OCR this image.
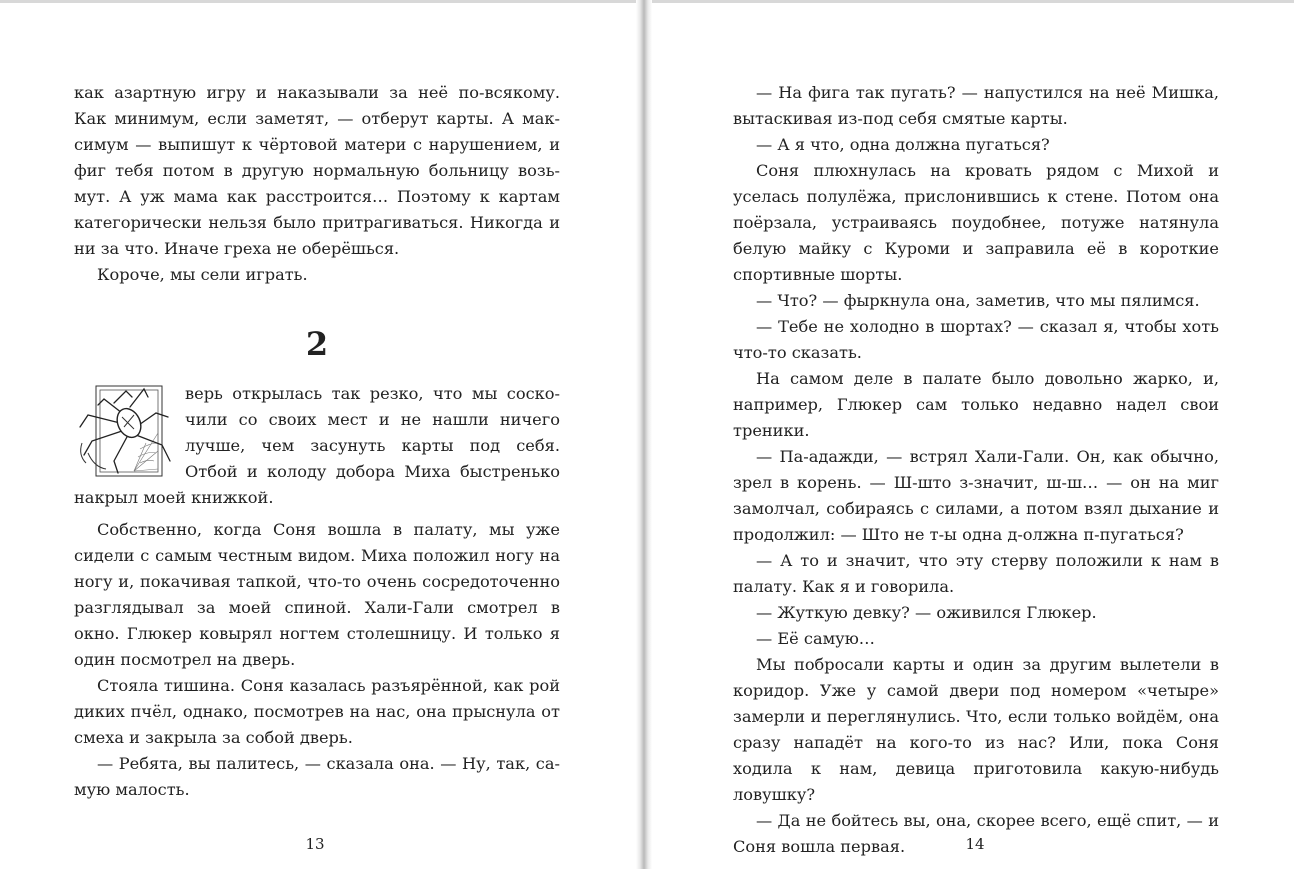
как азартную игру и наказывали за неё по-всякому. Как минимум, если заметят, — отберут карты. А максимум — выпишут к чёртовой матери с нарушением, и фиг тебя потом в другую нормальную больницу возьмут. А уж мама как расстроится… Поэтому к картам категорически нельзя было притрагиваться. Никогда и ни за что. Иначе греха не оберёшься.

Короче, мы сели играть.

2
Д

верь открылась так резко, что мы соскочили со своих мест и не нашли ничего лучше, чем засунуть карты под себя. Отбой и колоду добора Миха быстренько накрыл моей книжкой.

Собственно, когда Соня вошла в палату, мы уже сидели с самым честным видом. Миха положил ногу на ногу и, покачивая тапкой, что-то очень сосредоточенно разглядывал за моей спиной. Хали-Гали смотрел в окно. Глюкер ковырял ногтем столешницу. И только я один посмотрел на дверь.

Стояла тишина. Соня казалась разъярённой, как рой диких пчёл, однако, посмотрев на нас, она прыснула от смеха и закрыла за собой дверь.

— Ребята, вы палитесь, — сказала она. — Ну, так, самую малость.

13

— На фига так пугать? — напустился на неё Мишка, вытаскивая из-под себя смятые карты.

— А я что, одна должна пугаться?

Соня плюхнулась на кровать рядом с Михой и уселась полулёжа, прислонившись к стене. Потом она поёрзала, устраиваясь поудобнее, потуже натянула белую майку с Куроми и заправила её в короткие спортивные шорты.

— Что? — фыркнула она, заметив, что мы пялимся.

— Тебе не холодно в шортах? — сказал я, чтобы хоть что-то сказать.

На самом деле в палате было довольно жарко, и, например, Глюкер сам только недавно надел свои треники.

— Па-адажди, — встрял Хали-Гали. Он, как обычно, зрел в корень. — Ш-што з-значит, ш-ш… — он на миг замолчал, собираясь с силами, а потом взял дыхание и продолжил: — Што не т-ы одна д-олжна п-пугаться?

— А то и значит, что эту стерву положили к нам в палату. Как я и говорила.

— Жуткую девку? — оживился Глюкер.

— Её самую…

Мы побросали карты и один за другим вылетели в коридор. Уже у самой двери под номером «четыре» замерли и переглянулись. Что, если только войдём, она сразу нападёт на кого-то из нас? Или, пока Соня ходила к нам, девица приготовила какую-нибудь ловушку?

— Да не бойтесь вы, она, скорее всего, ещё спит, — и Соня вошла первая.	14
